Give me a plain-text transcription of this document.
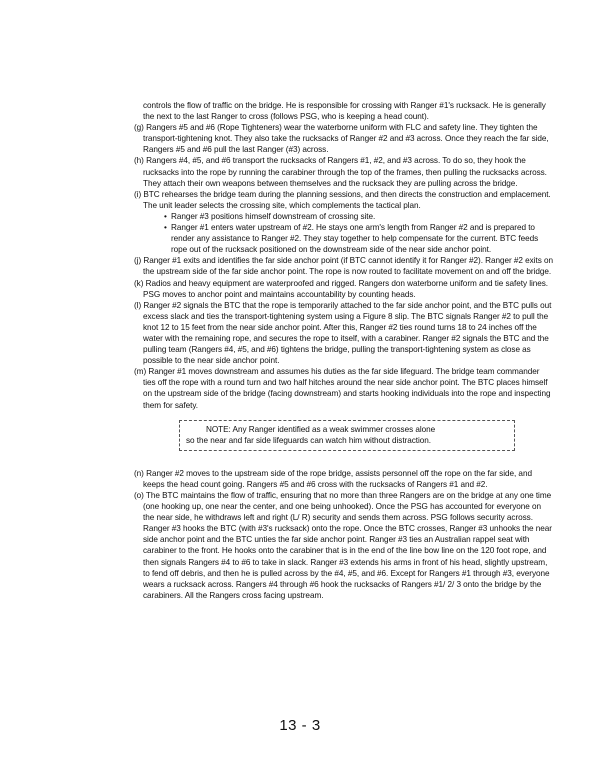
controls the flow of traffic on the bridge. He is responsible for crossing with Ranger #1's rucksack. He is generally the next to the last Ranger to cross (follows PSG, who is keeping a head count).

(g) Rangers #5 and #6 (Rope Tighteners) wear the waterborne uniform with FLC and safety line. They tighten the transport-tightening knot. They also take the rucksacks of Ranger #2 and #3 across. Once they reach the far side, Rangers #5 and #6 pull the last Ranger (#3) across.

(h) Rangers #4, #5, and #6 transport the rucksacks of Rangers #1, #2, and #3 across. To do so, they hook the rucksacks into the rope by running the carabiner through the top of the frames, then pulling the rucksacks across. They attach their own weapons between themselves and the rucksack they are pulling across the bridge.

(i) BTC rehearses the bridge team during the planning sessions, and then directs the construction and emplacement. The unit leader selects the crossing site, which complements the tactical plan.

• Ranger #3 positions himself downstream of crossing site.
• Ranger #1 enters water upstream of #2. He stays one arm's length from Ranger #2 and is prepared to render any assistance to Ranger #2. They stay together to help compensate for the current. BTC feeds rope out of the rucksack positioned on the downstream side of the near side anchor point.

(j) Ranger #1 exits and identifies the far side anchor point (if BTC cannot identify it for Ranger #2). Ranger #2 exits on the upstream side of the far side anchor point. The rope is now routed to facilitate movement on and off the bridge.

(k) Radios and heavy equipment are waterproofed and rigged. Rangers don waterborne uniform and tie safety lines. PSG moves to anchor point and maintains accountability by counting heads.

(l) Ranger #2 signals the BTC that the rope is temporarily attached to the far side anchor point, and the BTC pulls out excess slack and ties the transport-tightening system using a Figure 8 slip. The BTC signals Ranger #2 to pull the knot 12 to 15 feet from the near side anchor point. After this, Ranger #2 ties round turns 18 to 24 inches off the water with the remaining rope, and secures the rope to itself, with a carabiner. Ranger #2 signals the BTC and the pulling team (Rangers #4, #5, and #6) tightens the bridge, pulling the transport-tightening system as close as possible to the near side anchor point.

(m) Ranger #1 moves downstream and assumes his duties as the far side lifeguard. The bridge team commander ties off the rope with a round turn and two half hitches around the near side anchor point. The BTC places himself on the upstream side of the bridge (facing downstream) and starts hooking individuals into the rope and inspecting them for safety.

NOTE: Any Ranger identified as a weak swimmer crosses alone
so the near and far side lifeguards can watch him without distraction.

(n) Ranger #2 moves to the upstream side of the rope bridge, assists personnel off the rope on the far side, and keeps the head count going. Rangers #5 and #6 cross with the rucksacks of Rangers #1 and #2.

(o) The BTC maintains the flow of traffic, ensuring that no more than three Rangers are on the bridge at any one time (one hooking up, one near the center, and one being unhooked). Once the PSG has accounted for everyone on the near side, he withdraws left and right (L/ R) security and sends them across. PSG follows security across. Ranger #3 hooks the BTC (with #3's rucksack) onto the rope. Once the BTC crosses, Ranger #3 unhooks the near side anchor point and the BTC unties the far side anchor point. Ranger #3 ties an Australian rappel seat with carabiner to the front. He hooks onto the carabiner that is in the end of the line bow line on the 120 foot rope, and then signals Rangers #4 to #6 to take in slack. Ranger #3 extends his arms in front of his head, slightly upstream, to fend off debris, and then he is pulled across by the #4, #5, and #6. Except for Rangers #1 through #3, everyone wears a rucksack across. Rangers #4 through #6 hook the rucksacks of Rangers #1/ 2/ 3 onto the bridge by the carabiners. All the Rangers cross facing upstream.

13 - 3
